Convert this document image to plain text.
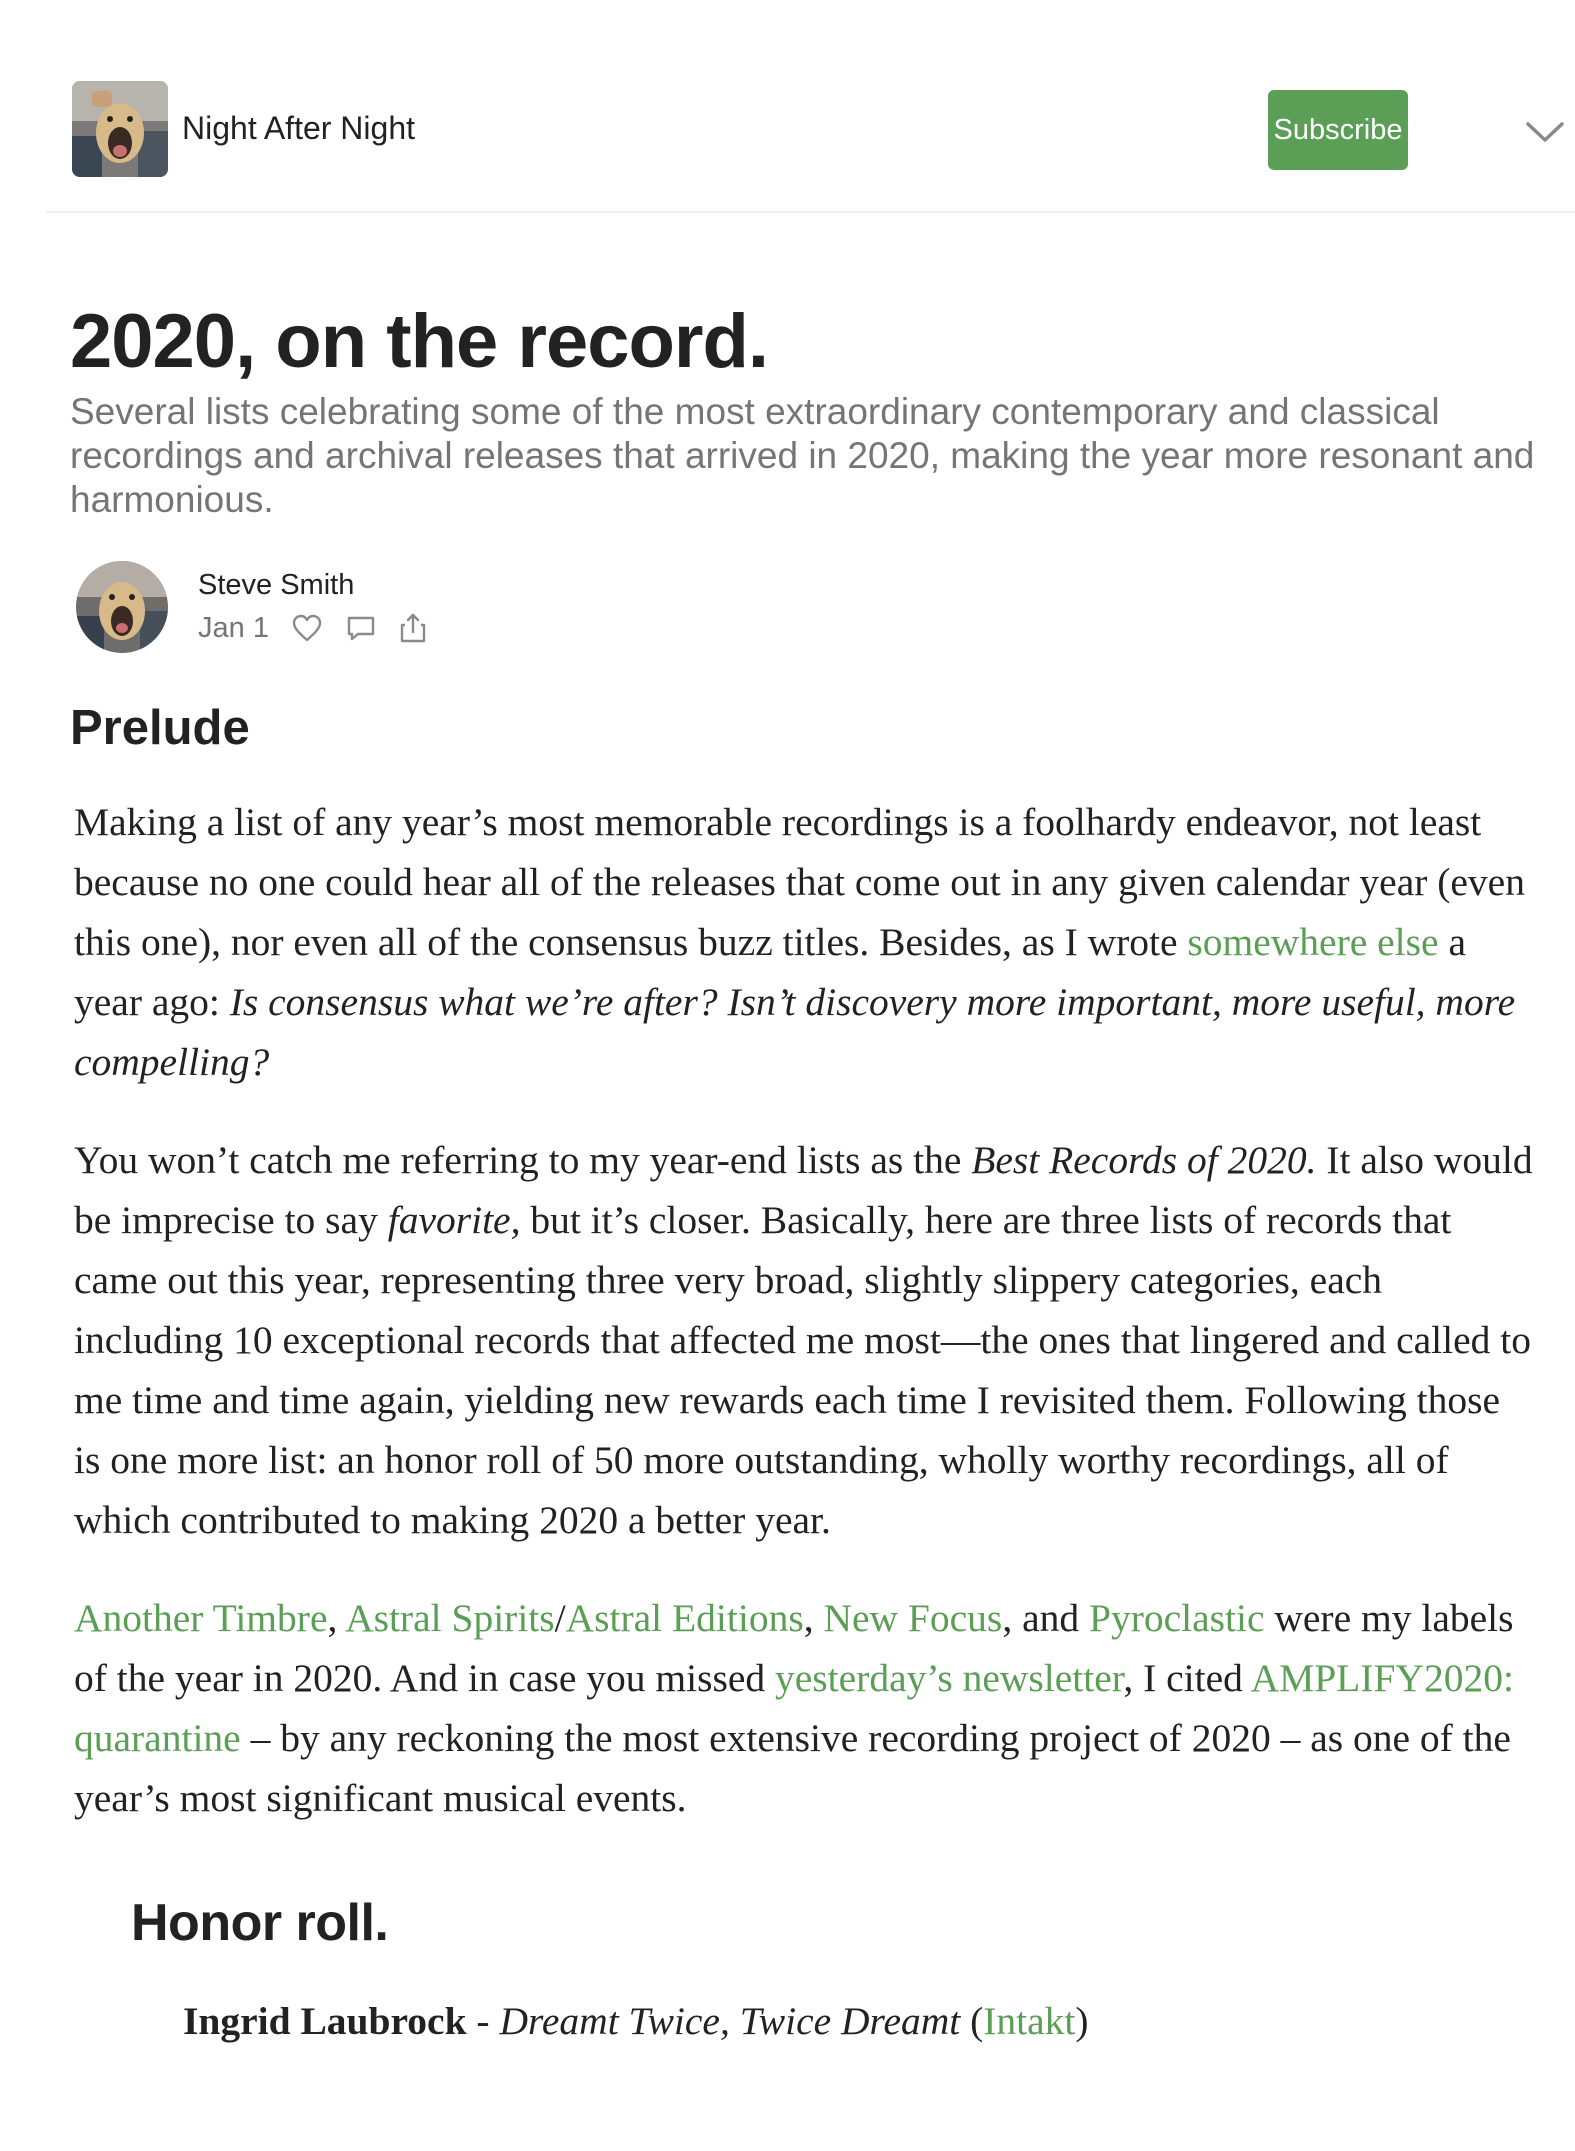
Night After Night	Subscribe
2020, on the record.
Several lists celebrating some of the most extraordinary contemporary and classical recordings and archival releases that arrived in 2020, making the year more resonant and harmonious.
Steve Smith
Jan 1
Prelude

Making a list of any year’s most memorable recordings is a foolhardy endeavor, not least because no one could hear all of the releases that come out in any given calendar year (even this one), nor even all of the consensus buzz titles. Besides, as I wrote somewhere else a year ago: Is consensus what we’re after? Isn’t discovery more important, more useful, more compelling?

You won’t catch me referring to my year-end lists as the Best Records of 2020. It also would be imprecise to say favorite, but it’s closer. Basically, here are three lists of records that came out this year, representing three very broad, slightly slippery categories, each including 10 exceptional records that affected me most—the ones that lingered and called to me time and time again, yielding new rewards each time I revisited them. Following those is one more list: an honor roll of 50 more outstanding, wholly worthy recordings, all of which contributed to making 2020 a better year.

Another Timbre, Astral Spirits/Astral Editions, New Focus, and Pyroclastic were my labels of the year in 2020. And in case you missed yesterday’s newsletter, I cited AMPLIFY2020: quarantine – by any reckoning the most extensive recording project of 2020 – as one of the year’s most significant musical events.

Honor roll.
Ingrid Laubrock - Dreamt Twice, Twice Dreamt (Intakt)
